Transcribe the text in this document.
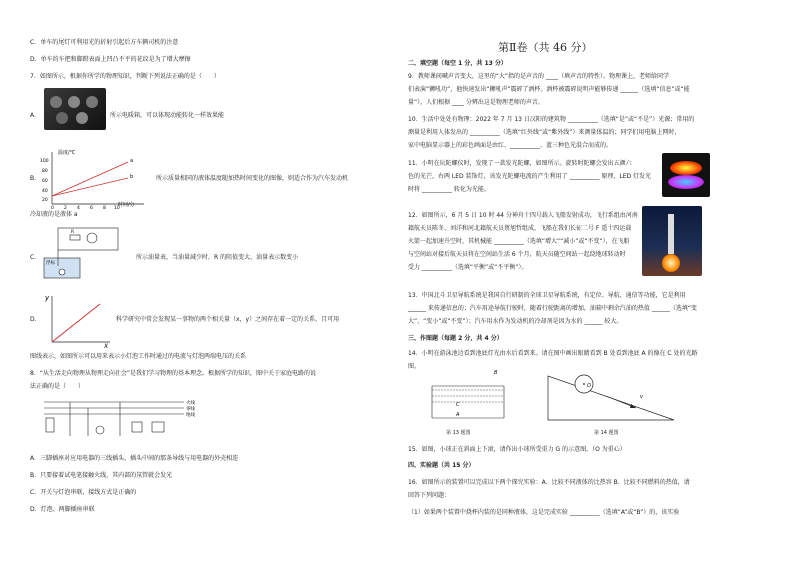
C．单车的尾灯可利用光的折射引起后方车辆司机的注意
D．单车的车把和脚蹬表面上凹凸不平的花纹是为了增大摩擦
7．如图所示，根据你所学的物理知识，判断下列说法正确的是（　　）
A．	所示电暖箱，可以体现动能转化一样效果能
B．
温度/℃
时间/分
100
80
60
40
20
0 2 4 6 8 10
a
b	所示质量相同的液体温度随加热时间变化的图像，则适合作为汽车发动机
冷却液的是液体 a
C．
浮标
R
所示油量表，当油量减少时，R 的阻值变大，油量表示数变小
D．
y
X
科学研究中常会发现某一事物的两个相关量（x，y）之间存在着一定的关系，且可用
图线表示，如图所示可以用来表示小灯泡工作时通过的电流与灯泡两端电压的关系
8．“从生活走向物理从物理走向社会”是我们学习物理的基本理念。根据所学的知识，图中关于家庭电路的说
法正确的是（　　）
火线
零线
地线
A．三脚插座对应用电器的三线插头，插头中间的那条导线与用电器的外壳相连
B．只要接着试电笔接触火线，其内部的氖管就会发光
C．开关与灯泡串联，接线方式是正确的
D．灯泡、两脚插座串联
第Ⅱ卷（共 46 分）
二、填空题（每空 1 分，共 13 分）
9．教师课间喊声音变大，这里的“大”指的是声音的 ____（填声音的特性）。物理课上，老师给同学
们表演“狮吼功”，他快速发出“狮吼声”震碎了酒杯。酒杯被震碎说明声能够传递 ______（选填“信息”或“能
量”），人们根据 ____ 分辨出这是物理老师的声音。
10．生活中处处有物理：2022 年 7 月 13 日汉阳的建筑物 __________（选填“是”或“不是”）光源；常用的
测量是利用人体发出的 __________（选填“红外线”或“紫外线”）来测量体温的；同学们用电脑上网时，
家中电脑显示器上的彩色画面是由红、__________、蓝三种色光混合而成的。
11．小明在玩陀螺仪时，发现了一款发光陀螺，如图所示。旋转时陀螺会发出五颜六
色的光芒，右两 LED 装饰灯，该发光陀螺电流的产生利用了 __________ 原理，LED 灯发光
时将 __________ 转化为光能。
12．如图所示，6 月 5 日 10 时 44 分神舟十四号载人飞船发射成功，飞行系组由河南
籍航天员陈冬、刘洋和河北籍航天员蔡旭哲组成，飞船在我们长征二号 F 遥十四运载
火箭一起加速升空时，其机械能 __________（选填“增大”“减小”或“不变”），在飞船
与空间站对接后航天员将在空间站生活 6 个月，航天员随空间站一起绕地球转动时
受力 __________（选填“平衡”或“不平衡”）。
13．中国北斗卫星导航系统是我国自行研制的全球卫星导航系统，有定位、导航、通信等功能，它是利用
______ 来传递信息的；汽车用途导航行驶时，随着行驶距离的增加，油箱中剩余汽油的热值 ______（选填“变
大”、“变小”或“不变”）；汽车用水作为发动机的冷却剂是因为水的 ______ 较大。
三、作图题（每题 2 分，共 4 分）
14．小明在游泳池边看到池底灯光由水后看到来。请在图中画出眼睛看到 B 处看到池底 A 的像在 C 处的光路
图。
B
C
A
第 13 题图
O
v
第 14 题图
15．如图，小球正在斜面上下滚，请作出小球所受重力 G 的示意图。（O 为重心）
四、实验题（共 15 分）
16．如图所示的装置可以完成以下两个探究实验：A．比较不同液体的比热容 B．比较不同燃料的热值，请
回答下列问题：
（1）如果两个装置中烧杯内装的是同种液体，这是完成实验 __________（选填“A”或“B”）的，该实验
